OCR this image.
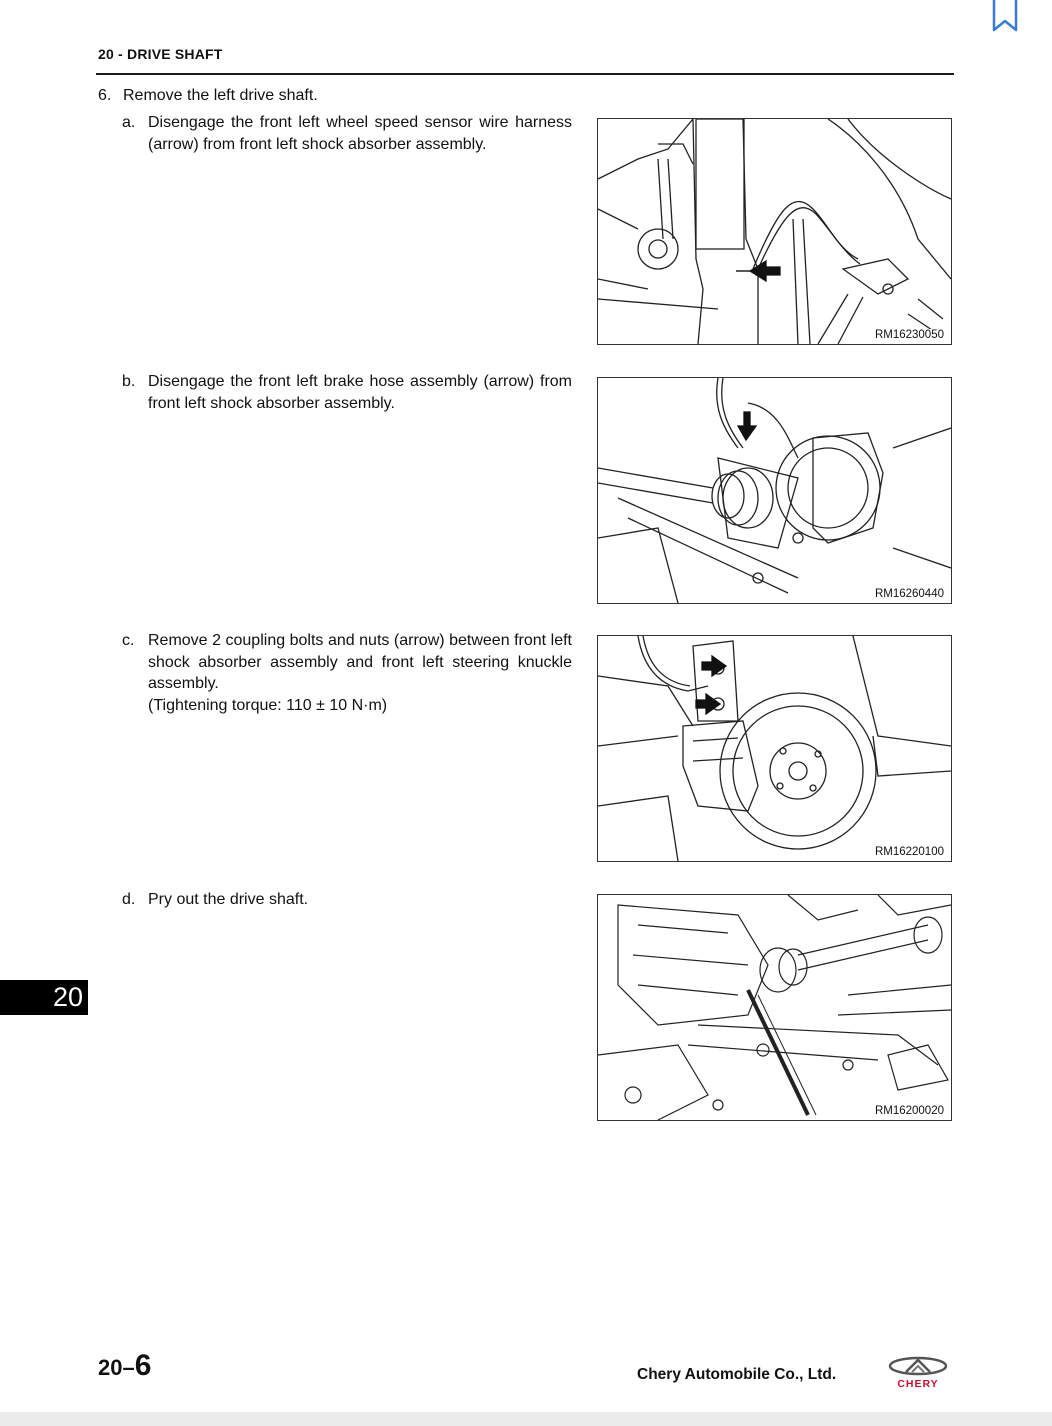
20 - DRIVE SHAFT
6. Remove the left drive shaft.
a. Disengage the front left wheel speed sensor wire harness (arrow) from front left shock absorber assembly.
RM16230050
b. Disengage the front left brake hose assembly (arrow) from front left shock absorber assembly.
RM16260440
c. Remove 2 coupling bolts and nuts (arrow) between front left shock absorber assembly and front left steering knuckle assembly.
(Tightening torque: 110 ± 10 N·m)
RM16220100
d. Pry out the drive shaft.
RM16200020
20
20–6	Chery Automobile Co., Ltd.
CHERY
